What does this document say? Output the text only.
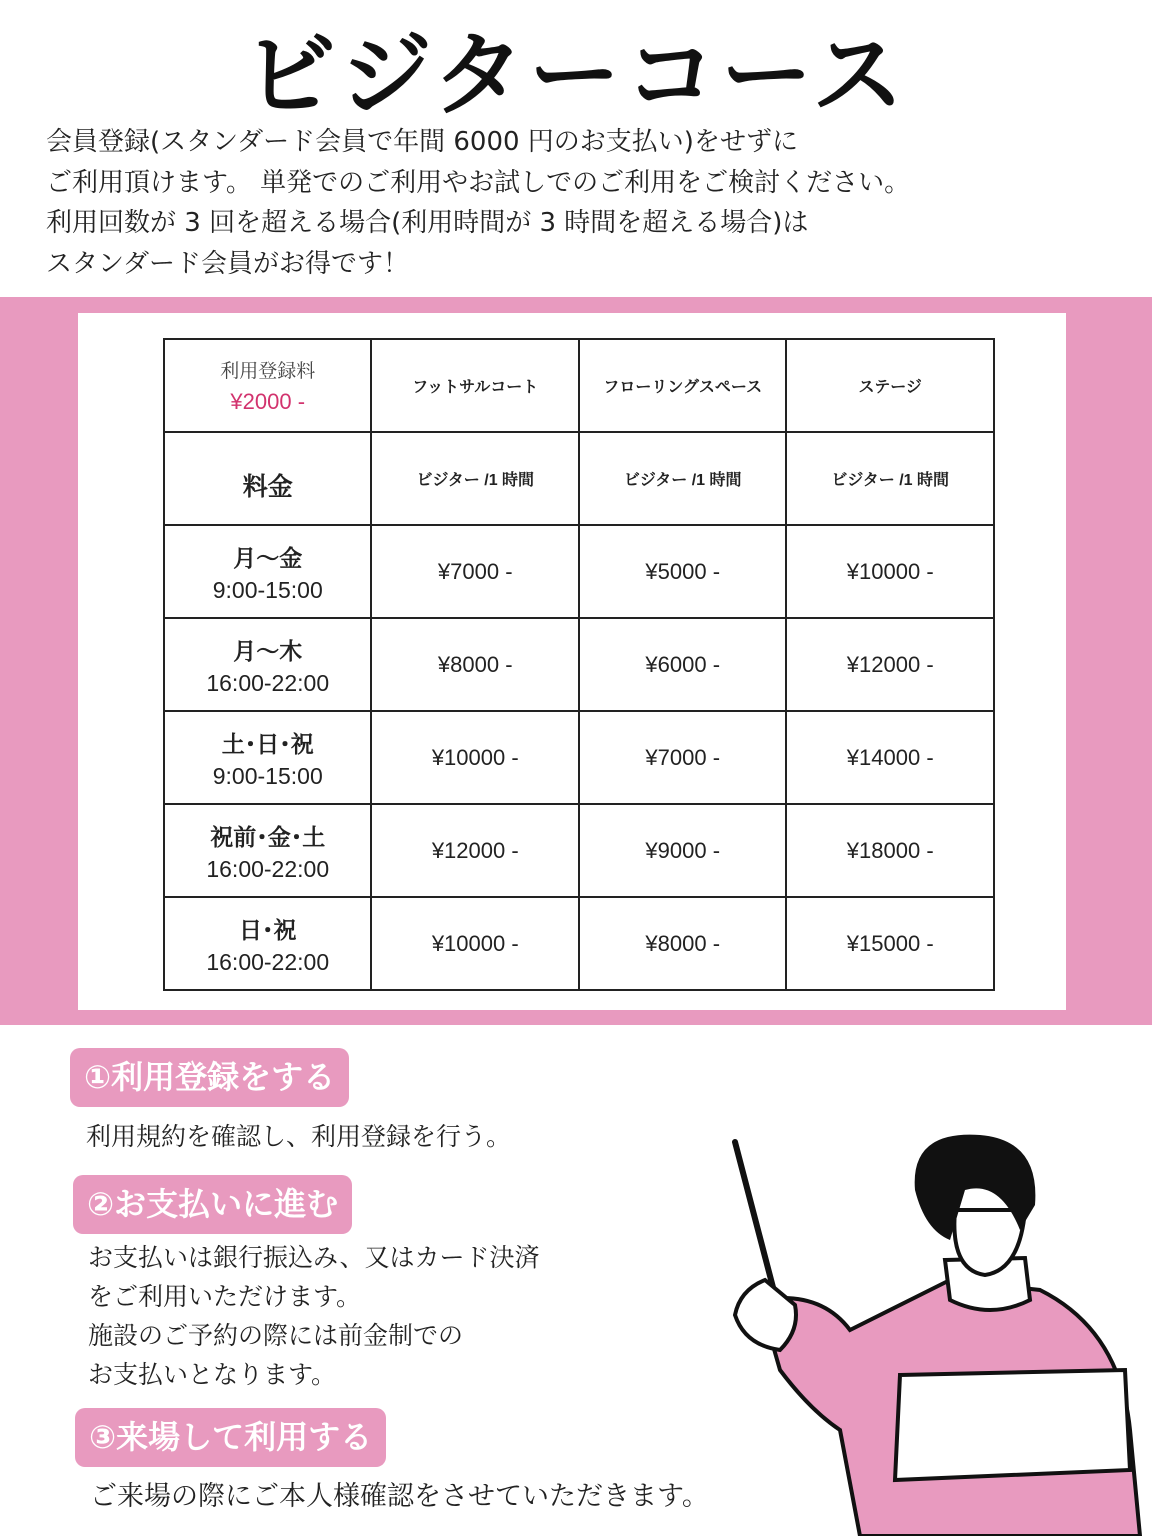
ビジターコース
会員登録(スタンダード会員で年間 6000 円のお支払い)をせずに
ご利用頂けます。 単発でのご利用やお試しでのご利用をご検討ください。
利用回数が 3 回を超える場合(利用時間が 3 時間を超える場合)は
スタンダード会員がお得です！
利用登録料
¥2000 -	フットサルコート	フローリングスペース	ステージ
料金	ビジター /1 時間	ビジター /1 時間	ビジター /1 時間

月～金
9:00-15:00	¥7000 -	¥5000 -	¥10000 -

月～木
16:00-22:00	¥8000 -	¥6000 -	¥12000 -

土･日･祝
9:00-15:00	¥10000 -	¥7000 -	¥14000 -

祝前･金･土
16:00-22:00	¥12000 -	¥9000 -	¥18000 -

日･祝
16:00-22:00	¥10000 -	¥8000 -	¥15000 -
①利用登録をする
利用規約を確認し、利用登録を行う。
②お支払いに進む
お支払いは銀行振込み、又はカード決済
をご利用いただけます。
施設のご予約の際には前金制での
お支払いとなります。
③来場して利用する
ご来場の際にご本人様確認をさせていただきます。
